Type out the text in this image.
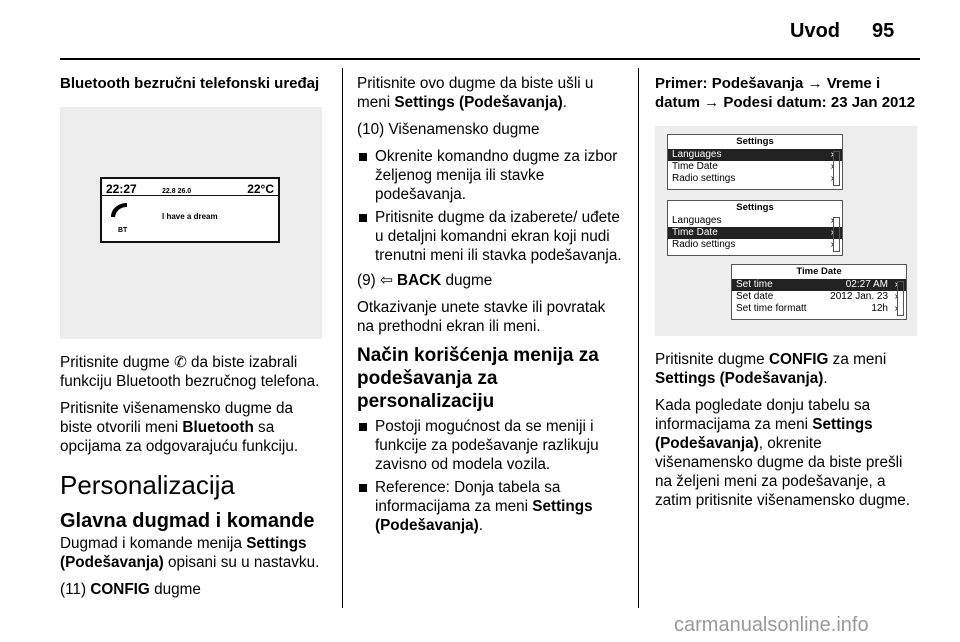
Uvod 95
Bluetooth bezručni telefonski uređaj
22:27	22.8 26.0	22°C
I have a dream
BT

Pritisnite dugme ✆ da biste izabrali funkciju Bluetooth bezručnog telefona.

Pritisnite višenamensko dugme da biste otvorili meni Bluetooth sa opcijama za odgovarajuću funkciju.

Personalizacija
Glavna dugmad i komande

Dugmad i komande menija Settings (Podešavanja) opisani su u nastavku.

(11) CONFIG dugme

Pritisnite ovo dugme da biste ušli u meni Settings (Podešavanja).

(10) Višenamensko dugme

Okrenite komandno dugme za izbor željenog menija ili stavke podešavanja.
Pritisnite dugme da izaberete/ uđete u detaljni komandni ekran koji nudi trenutni meni ili stavka podešavanja.

(9) ⇦ BACK dugme

Otkazivanje unete stavke ili povratak na prethodni ekran ili meni.

Način korišćenja menija za podešavanja za personalizaciju
Postoji mogućnost da se meniji i funkcije za podešavanje razlikuju zavisno od modela vozila.
Reference: Donja tabela sa informacijama za meni Settings (Podešavanja).
Primer: Podešavanja → Vreme i datum → Podesi datum: 23 Jan 2012
Settings
Languages	›
Time Date	›
Radio settings	›
Settings
Languages	›
Time Date	›
Radio settings	›
Time Date
Set time	02:27 AM ›
Set date	2012 Jan. 23 ›
Set time formatt	12h ›

Pritisnite dugme CONFIG za meni Settings (Podešavanja).

Kada pogledate donju tabelu sa informacijama za meni Settings (Podešavanja), okrenite višenamensko dugme da biste prešli na željeni meni za podešavanje, a zatim pritisnite višenamensko dugme.

carmanualsonline.info
